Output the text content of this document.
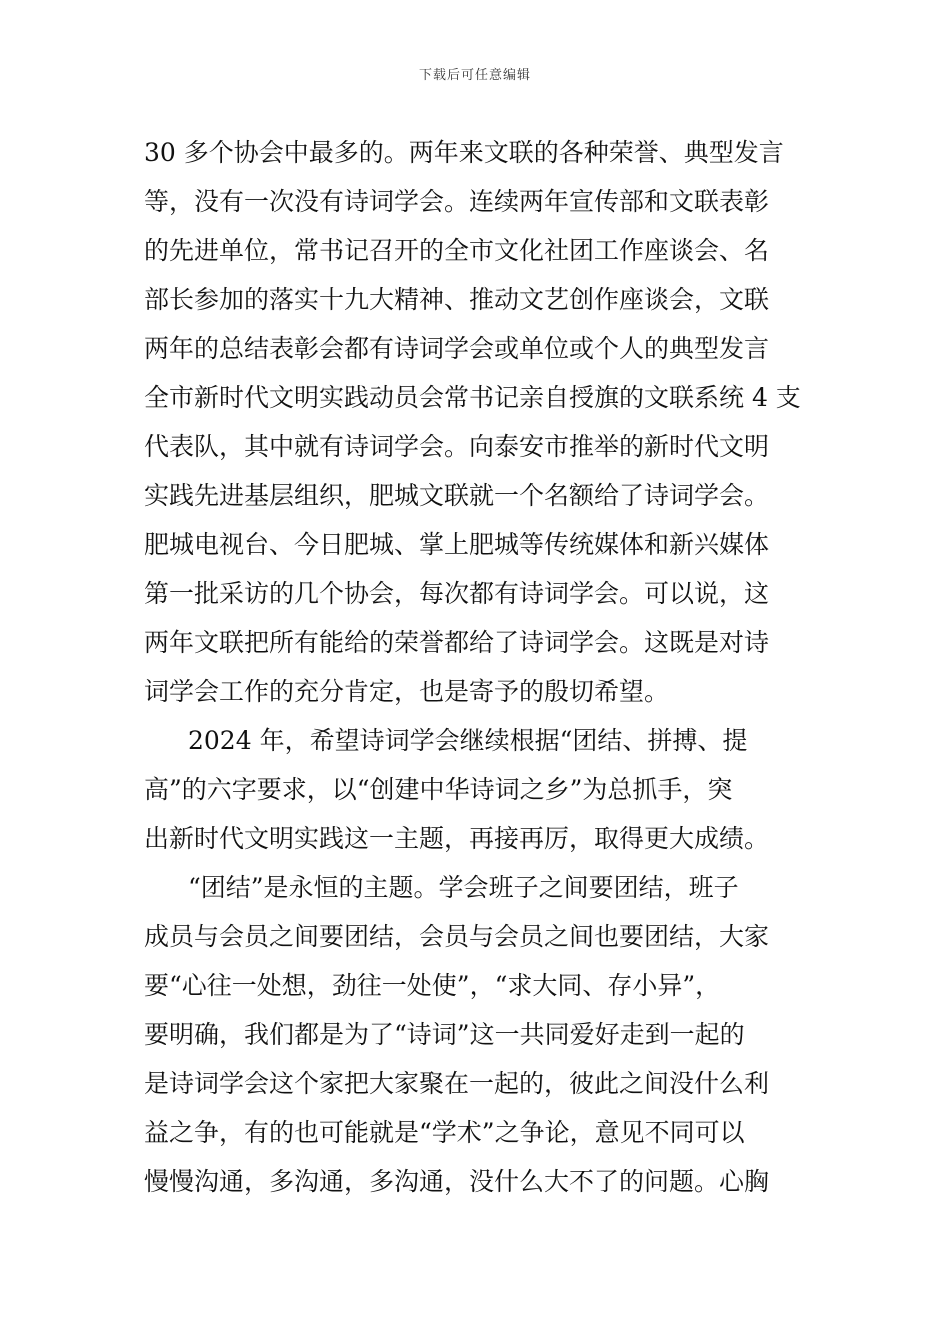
下载后可任意编辑
30 多个协会中最多的。两年来文联的各种荣誉、典型发言
等，没有一次没有诗词学会。连续两年宣传部和文联表彰
的先进单位，常书记召开的全市文化社团工作座谈会、名
部长参加的落实十九大精神、推动文艺创作座谈会，文联
两年的总结表彰会都有诗词学会或单位或个人的典型发言
全市新时代文明实践动员会常书记亲自授旗的文联系统 4 支
代表队，其中就有诗词学会。向泰安市推举的新时代文明
实践先进基层组织，肥城文联就一个名额给了诗词学会。
肥城电视台、今日肥城、掌上肥城等传统媒体和新兴媒体
第一批采访的几个协会，每次都有诗词学会。可以说，这
两年文联把所有能给的荣誉都给了诗词学会。这既是对诗
词学会工作的充分肯定，也是寄予的殷切希望。
2024 年，希望诗词学会继续根据“团结、拼搏、提
高”的六字要求，以“创建中华诗词之乡”为总抓手，突
出新时代文明实践这一主题，再接再厉，取得更大成绩。
“团结”是永恒的主题。学会班子之间要团结，班子
成员与会员之间要团结，会员与会员之间也要团结，大家
要“心往一处想，劲往一处使”，“求大同、存小异”，
要明确，我们都是为了“诗词”这一共同爱好走到一起的
是诗词学会这个家把大家聚在一起的，彼此之间没什么利
益之争，有的也可能就是“学术”之争论，意见不同可以
慢慢沟通，多沟通，多沟通，没什么大不了的问题。心胸
